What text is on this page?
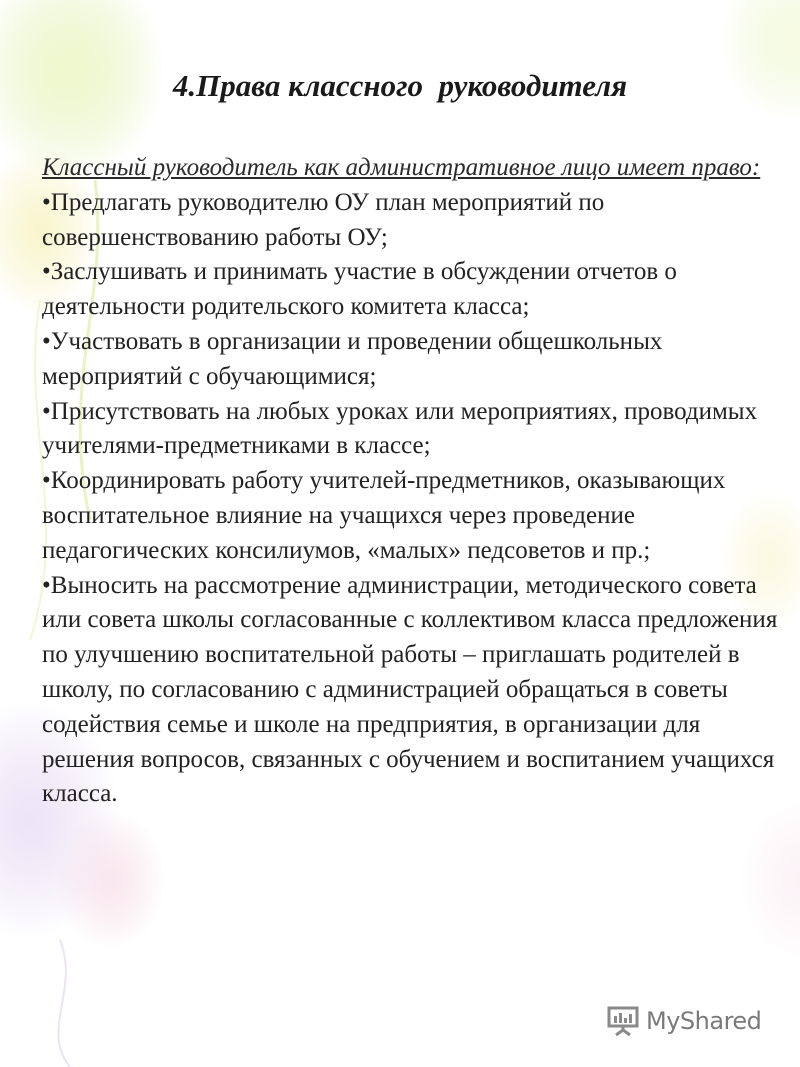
4.Права классного  руководителя

Классный руководитель как административное лицо имеет право:

•Предлагать руководителю ОУ план мероприятий по совершенствованию работы ОУ;
•Заслушивать и принимать участие в обсуждении отчетов о деятельности родительского комитета класса;
•Участвовать в организации и проведении общешкольных мероприятий с обучающимися;
•Присутствовать на любых уроках или мероприятиях, проводимых учителями-предметниками в классе;
•Координировать работу учителей-предметников, оказывающих воспитательное влияние на учащихся через проведение педагогических консилиумов, «малых» педсоветов и пр.;
•Выносить на рассмотрение администрации, методического совета или совета школы согласованные с коллективом класса предложения по улучшению воспитательной работы – приглашать родителей в школу, по согласованию с администрацией обращаться в советы содействия семье и школе на предприятия, в организации для решения вопросов, связанных с обучением и воспитанием учащихся класса.
MyShared
